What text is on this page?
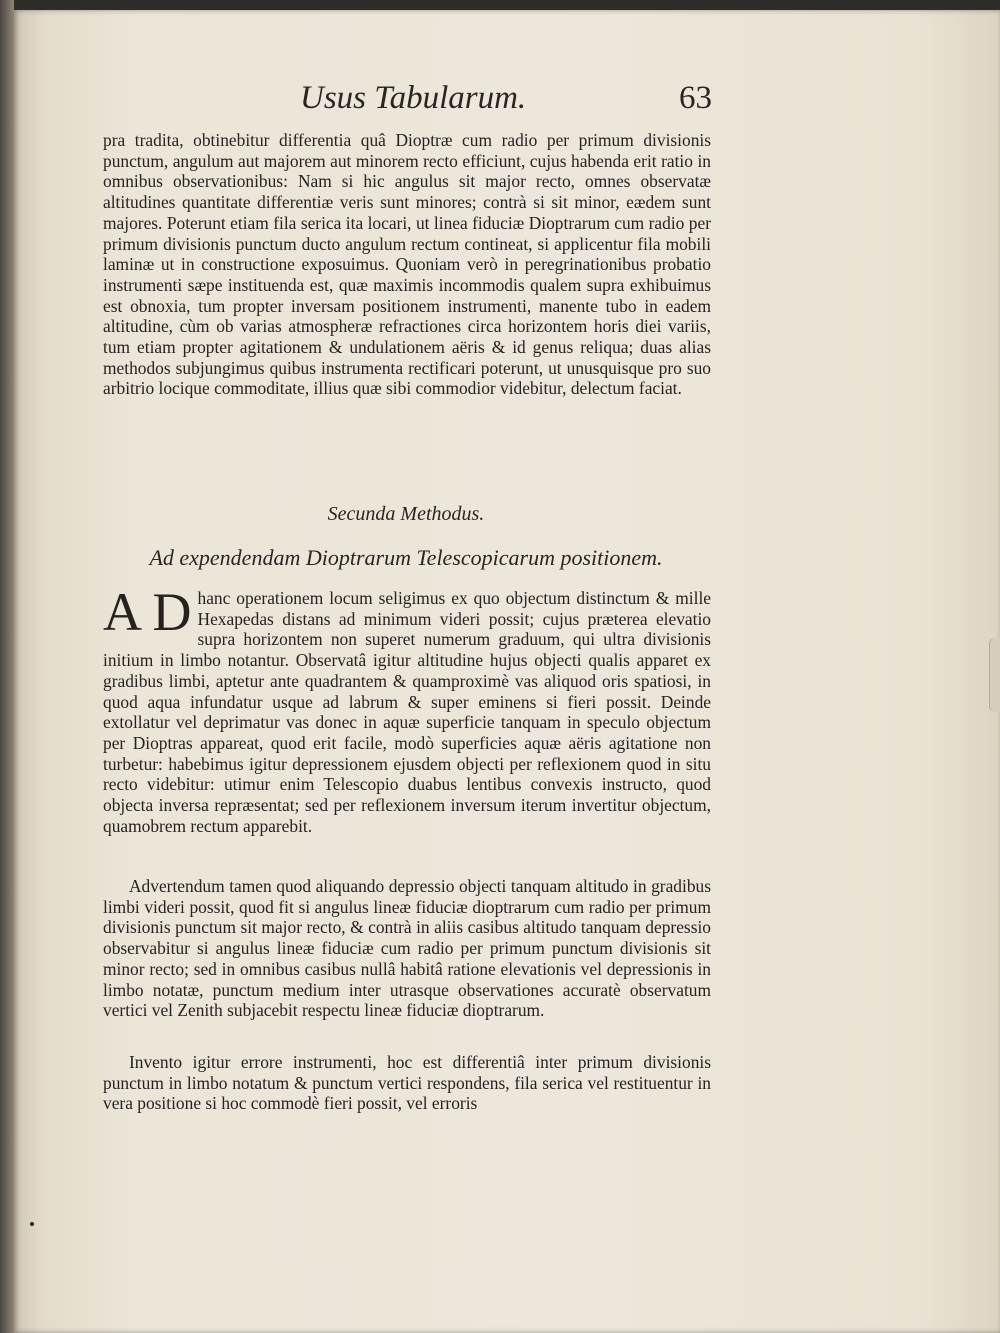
Usus Tabularum.	63

pra tradita, obtinebitur differentia quâ Dioptræ cum radio per primum divisionis punctum, angulum aut majorem aut minorem recto efficiunt, cujus habenda erit ratio in omnibus observationibus: Nam si hic angulus sit major recto, omnes observatæ altitudines quantitate differentiæ veris sunt minores; contrà si sit minor, eædem sunt majores. Poterunt etiam fila serica ita locari, ut linea fiduciæ Dioptrarum cum radio per primum divisionis punctum ducto angulum rectum contineat, si applicentur fila mobili laminæ ut in constructione exposuimus. Quoniam verò in peregrinationibus probatio instrumenti sæpe instituenda est, quæ maximis incommodis qualem supra exhibuimus est obnoxia, tum propter inversam positionem instrumenti, manente tubo in eadem altitudine, cùm ob varias atmospheræ refractiones circa horizontem horis diei variis, tum etiam propter agitationem & undulationem aëris & id genus reliqua; duas alias methodos subjungimus quibus instrumenta rectificari poterunt, ut unusquisque pro suo arbitrio locique commoditate, illius quæ sibi commodior videbitur, delectum faciat.

Secunda Methodus.
Ad expendendam Dioptrarum Telescopicarum positionem.
A D hanc operationem locum seligimus ex quo objectum distinctum & mille Hexapedas distans ad minimum videri possit; cujus præterea elevatio supra horizontem non superet numerum graduum, qui ultra divisionis initium in limbo notantur. Observatâ igitur altitudine hujus objecti qualis apparet ex gradibus limbi, aptetur ante quadrantem & quamproximè vas aliquod oris spatiosi, in quod aqua infundatur usque ad labrum & super eminens si fieri possit. Deinde extollatur vel deprimatur vas donec in aquæ superficie tanquam in speculo objectum per Dioptras appareat, quod erit facile, modò superficies aquæ aëris agitatione non turbetur: habebimus igitur depressionem ejusdem objecti per reflexionem quod in situ recto videbitur: utimur enim Telescopio duabus lentibus convexis instructo, quod objecta inversa repræsentat; sed per reflexionem inversum iterum invertitur objectum, quamobrem rectum apparebit.

Advertendum tamen quod aliquando depressio objecti tanquam altitudo in gradibus limbi videri possit, quod fit si angulus lineæ fiduciæ dioptrarum cum radio per primum divisionis punctum sit major recto, & contrà in aliis casibus altitudo tanquam depressio observabitur si angulus lineæ fiduciæ cum radio per primum punctum divisionis sit minor recto; sed in omnibus casibus nullâ habitâ ratione elevationis vel depressionis in limbo notatæ, punctum medium inter utrasque observationes accuratè observatum vertici vel Zenith subjacebit respectu lineæ fiduciæ dioptrarum.

Invento igitur errore instrumenti, hoc est differentiâ inter primum divisionis punctum in limbo notatum & punctum vertici respondens, fila serica vel restituentur in vera positione si hoc commodè fieri possit, vel erroris
